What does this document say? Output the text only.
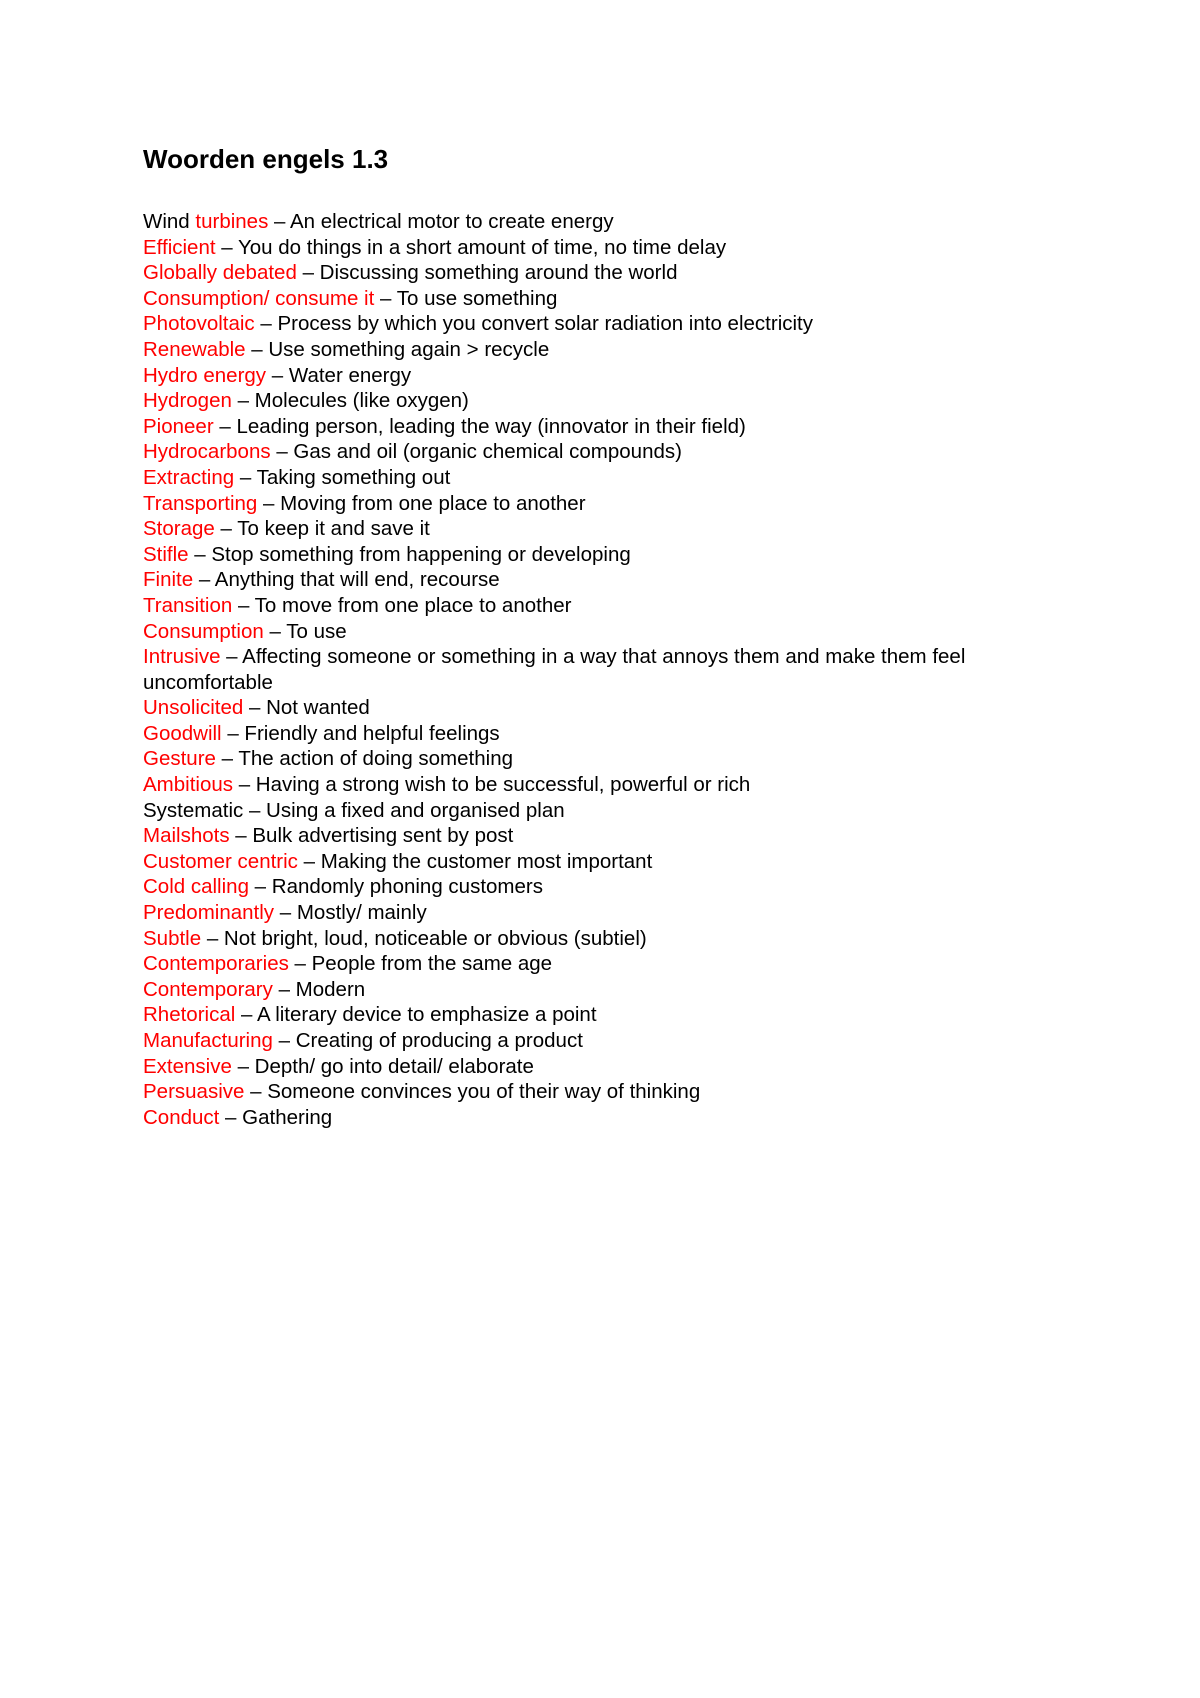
Woorden engels 1.3
Wind turbines – An electrical motor to create energy
Efficient – You do things in a short amount of time, no time delay
Globally debated – Discussing something around the world
Consumption/ consume it – To use something
Photovoltaic – Process by which you convert solar radiation into electricity
Renewable – Use something again > recycle
Hydro energy – Water energy
Hydrogen – Molecules (like oxygen)
Pioneer – Leading person, leading the way (innovator in their field)
Hydrocarbons – Gas and oil (organic chemical compounds)
Extracting – Taking something out
Transporting – Moving from one place to another
Storage – To keep it and save it
Stifle – Stop something from happening or developing
Finite – Anything that will end, recourse
Transition – To move from one place to another
Consumption – To use
Intrusive – Affecting someone or something in a way that annoys them and make them feel uncomfortable
Unsolicited – Not wanted
Goodwill – Friendly and helpful feelings
Gesture – The action of doing something
Ambitious – Having a strong wish to be successful, powerful or rich
Systematic – Using a fixed and organised plan
Mailshots – Bulk advertising sent by post
Customer centric – Making the customer most important
Cold calling – Randomly phoning customers
Predominantly – Mostly/ mainly
Subtle – Not bright, loud, noticeable or obvious (subtiel)
Contemporaries – People from the same age
Contemporary – Modern
Rhetorical – A literary device to emphasize a point
Manufacturing – Creating of producing a product
Extensive – Depth/ go into detail/ elaborate
Persuasive – Someone convinces you of their way of thinking
Conduct – Gathering
